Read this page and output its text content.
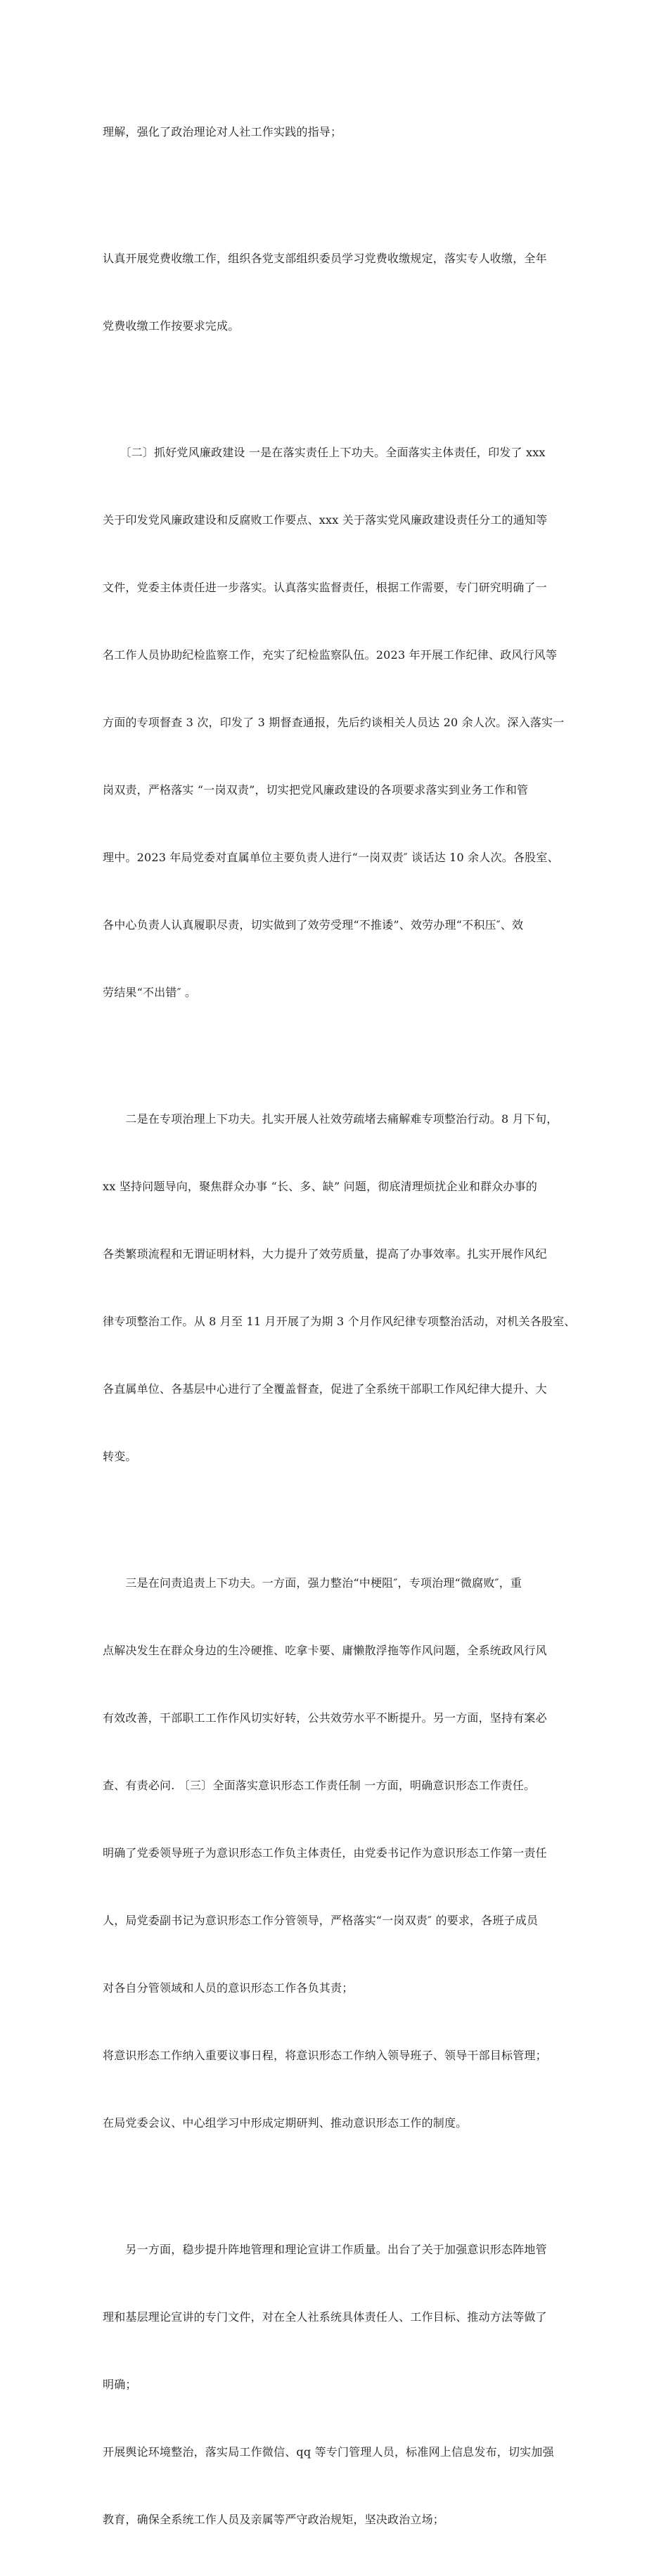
理解，强化了政治理论对人社工作实践的指导；

认真开展党费收缴工作，组织各党支部组织委员学习党费收缴规定，落实专人收缴，全年

党费收缴工作按要求完成。

　　〔二〕抓好党风廉政建设 一是在落实责任上下功夫。全面落实主体责任，印发了 xxx

关于印发党风廉政建设和反腐败工作要点、xxx 关于落实党风廉政建设责任分工的通知等

文件，党委主体责任进一步落实。认真落实监督责任，根据工作需要，专门研究明确了一

名工作人员协助纪检监察工作，充实了纪检监察队伍。2023 年开展工作纪律、政风行风等

方面的专项督查 3 次，印发了 3 期督查通报，先后约谈相关人员达 20 余人次。深入落实一

岗双责，严格落实 “一岗双责”，切实把党风廉政建设的各项要求落实到业务工作和管

理中。2023 年局党委对直属单位主要负责人进行“一岗双责″ 谈话达 10 余人次。各股室、

各中心负责人认真履职尽责，切实做到了效劳受理“不推诿”、效劳办理“不积压″、效

劳结果“不出错″ 。

　　二是在专项治理上下功夫。扎实开展人社效劳疏堵去痛解难专项整治行动。8 月下旬，

xx 坚持问题导向，聚焦群众办事 “长、多、缺” 问题，彻底清理烦扰企业和群众办事的

各类繁琐流程和无谓证明材料，大力提升了效劳质量，提高了办事效率。扎实开展作风纪

律专项整治工作。从 8 月至 11 月开展了为期 3 个月作风纪律专项整治活动，对机关各股室、

各直属单位、各基层中心进行了全覆盖督查，促进了全系统干部职工作风纪律大提升、大

转变。

　　三是在问责追责上下功夫。一方面，强力整治“中梗阻″，专项治理“微腐败″，重

点解决发生在群众身边的生冷硬推、吃拿卡要、庸懒散浮拖等作风问题，全系统政风行风

有效改善，干部职工工作作风切实好转，公共效劳水平不断提升。另一方面，坚持有案必

查、有责必问. 〔三〕全面落实意识形态工作责任制 一方面，明确意识形态工作责任。

明确了党委领导班子为意识形态工作负主体责任，由党委书记作为意识形态工作第一责任

人，局党委副书记为意识形态工作分管领导，严格落实“一岗双责″ 的要求，各班子成员

对各自分管领域和人员的意识形态工作各负其责；

将意识形态工作纳入重要议事日程，将意识形态工作纳入领导班子、领导干部目标管理；

在局党委会议、中心组学习中形成定期研判、推动意识形态工作的制度。

　　另一方面，稳步提升阵地管理和理论宣讲工作质量。出台了关于加强意识形态阵地管

理和基层理论宣讲的专门文件，对在全人社系统具体责任人、工作目标、推动方法等做了

明确；

开展舆论环境整治，落实局工作微信、qq 等专门管理人员，标准网上信息发布，切实加强

教育，确保全系统工作人员及亲属等严守政治规矩，坚决政治立场；
